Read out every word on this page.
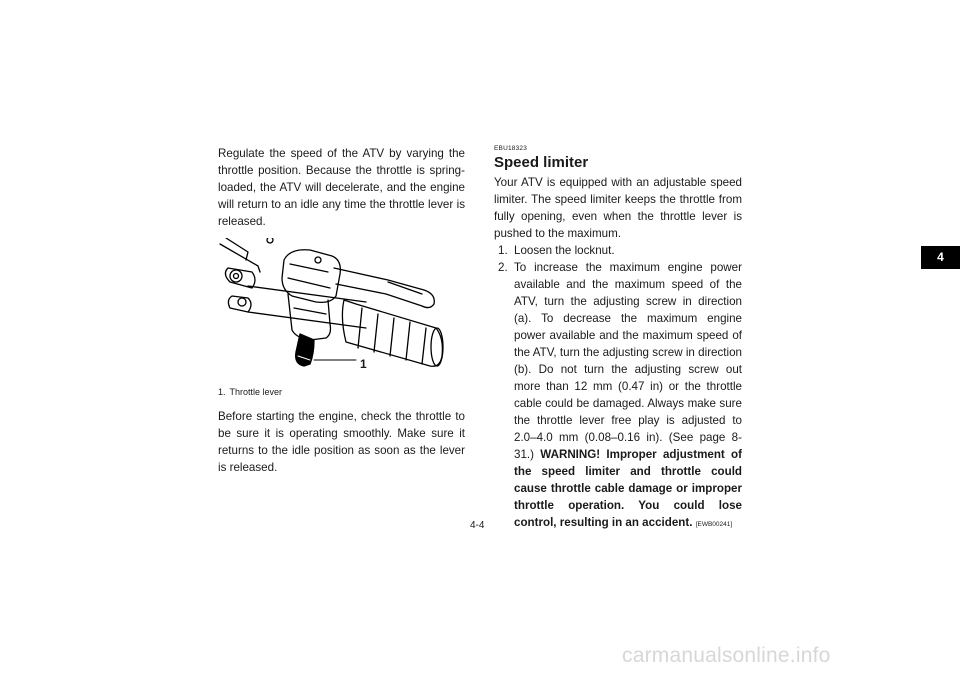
Regulate the speed of the ATV by varying the throttle position. Because the throttle is spring-loaded, the ATV will decelerate, and the engine will return to an idle any time the throttle lever is released.

1
1. Throttle lever

Before starting the engine, check the throttle to be sure it is operating smoothly. Make sure it returns to the idle position as soon as the lever is released.

EBU18323
Speed limiter

Your ATV is equipped with an adjustable speed limiter. The speed limiter keeps the throttle from fully opening, even when the throttle lever is pushed to the maximum.

1. Loosen the locknut.
2. To increase the maximum engine power available and the maximum speed of the ATV, turn the adjusting screw in direction (a). To decrease the maximum engine power available and the maximum speed of the ATV, turn the adjusting screw in direction (b). Do not turn the adjusting screw out more than 12 mm (0.47 in) or the throttle cable could be damaged. Always make sure the throttle lever free play is adjusted to 2.0–4.0 mm (0.08–0.16 in). (See page 8-31.) WARNING! Improper adjustment of the speed limiter and throttle could cause throttle cable damage or improper throttle operation. You could lose control, resulting in an accident. [EWB00241]
4
4-4
carmanualsonline.info
